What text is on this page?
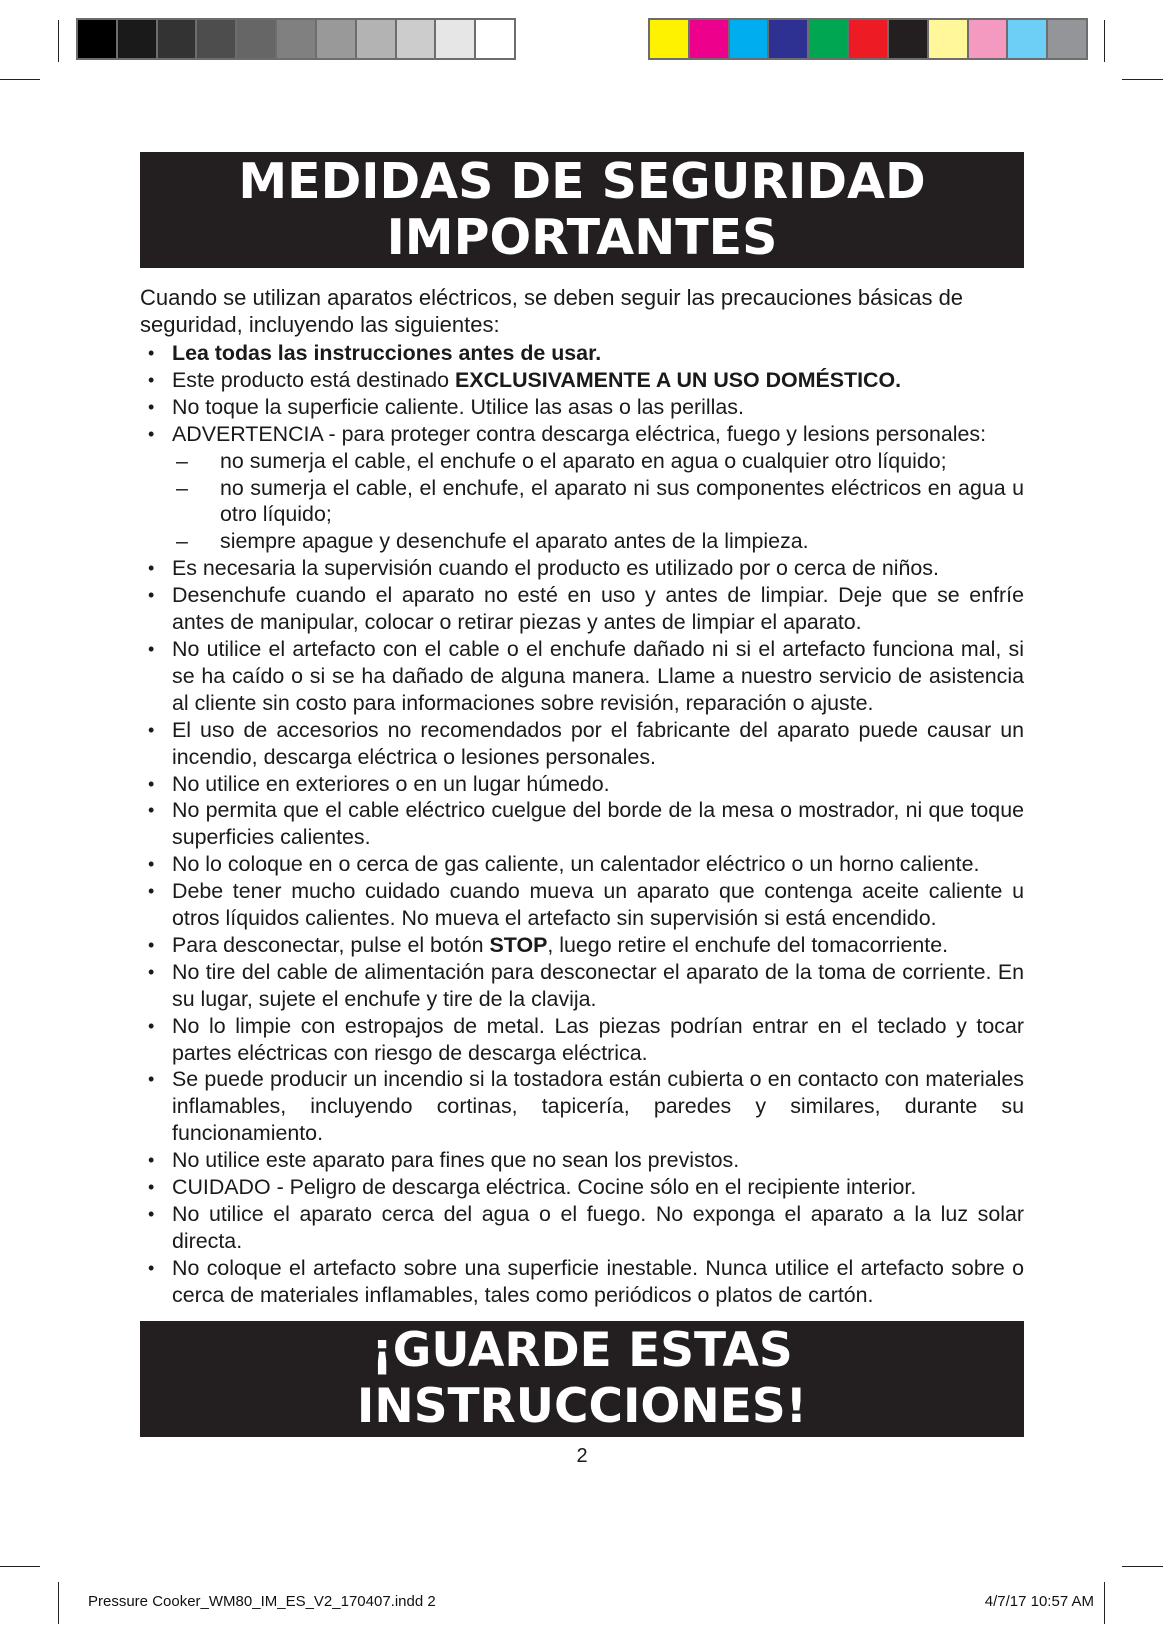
MEDIDAS DE SEGURIDAD
IMPORTANTES

Cuando se utilizan aparatos eléctricos, se deben seguir las precauciones básicas de seguridad, incluyendo las siguientes:

• Lea todas las instrucciones antes de usar.
• Este producto está destinado EXCLUSIVAMENTE A UN USO DOMÉSTICO.
• No toque la superficie caliente. Utilice las asas o las perillas.
• ADVERTENCIA - para proteger contra descarga eléctrica, fuego y lesions personales:
– no sumerja el cable, el enchufe o el aparato en agua o cualquier otro líquido;
– no sumerja el cable, el enchufe, el aparato ni sus componentes eléctricos en agua u otro líquido;
– siempre apague y desenchufe el aparato antes de la limpieza.
• Es necesaria la supervisión cuando el producto es utilizado por o cerca de niños.
• Desenchufe cuando el aparato no esté en uso y antes de limpiar. Deje que se enfríe antes de manipular, colocar o retirar piezas y antes de limpiar el aparato.
• No utilice el artefacto con el cable o el enchufe dañado ni si el artefacto funciona mal, si se ha caído o si se ha dañado de alguna manera. Llame a nuestro servicio de asistencia al cliente sin costo para informaciones sobre revisión, reparación o ajuste.
• El uso de accesorios no recomendados por el fabricante del aparato puede causar un incendio, descarga eléctrica o lesiones personales.
• No utilice en exteriores o en un lugar húmedo.
• No permita que el cable eléctrico cuelgue del borde de la mesa o mostrador, ni que toque superficies calientes.
• No lo coloque en o cerca de gas caliente, un calentador eléctrico o un horno caliente.
• Debe tener mucho cuidado cuando mueva un aparato que contenga aceite caliente u otros líquidos calientes. No mueva el artefacto sin supervisión si está encendido.
• Para desconectar, pulse el botón STOP, luego retire el enchufe del tomacorriente.
• No tire del cable de alimentación para desconectar el aparato de la toma de corriente. En su lugar, sujete el enchufe y tire de la clavija.
• No lo limpie con estropajos de metal. Las piezas podrían entrar en el teclado y tocar partes eléctricas con riesgo de descarga eléctrica.
• Se puede producir un incendio si la tostadora están cubierta o en contacto con materiales inflamables, incluyendo cortinas, tapicería, paredes y similares, durante su funcionamiento.
• No utilice este aparato para fines que no sean los previstos.
• CUIDADO - Peligro de descarga eléctrica. Cocine sólo en el recipiente interior.
• No utilice el aparato cerca del agua o el fuego. No exponga el aparato a la luz solar directa.
• No coloque el artefacto sobre una superficie inestable. Nunca utilice el artefacto sobre o cerca de materiales inflamables, tales como periódicos o platos de cartón.
¡GUARDE ESTAS INSTRUCCIONES!
2
Pressure Cooker_WM80_IM_ES_V2_170407.indd 2	4/7/17 10:57 AM
